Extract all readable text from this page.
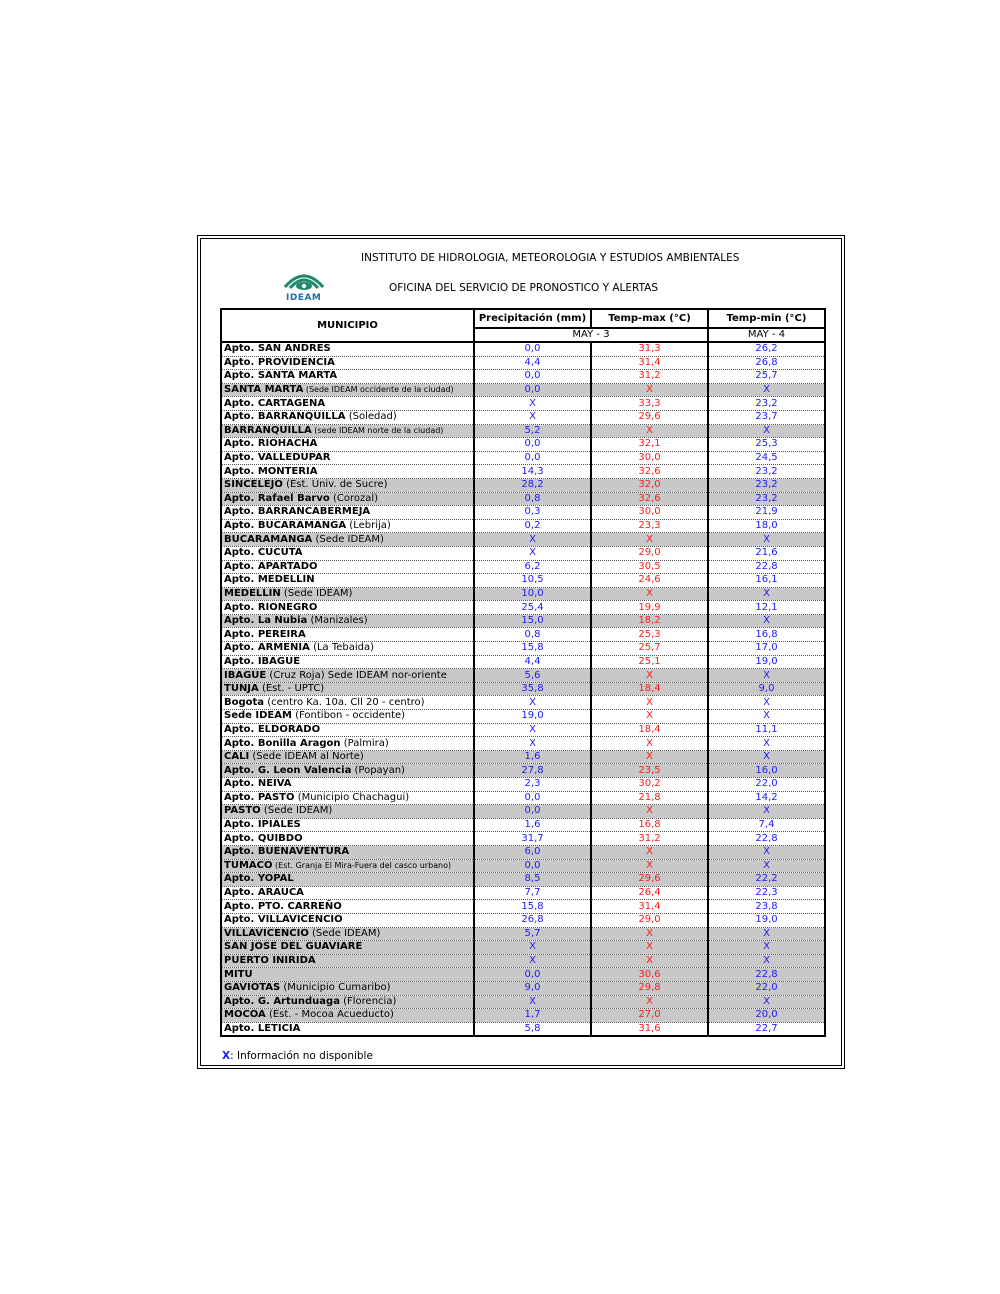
INSTITUTO DE HIDROLOGIA, METEOROLOGIA Y ESTUDIOS AMBIENTALES
OFICINA DEL SERVICIO DE PRONOSTICO Y ALERTAS
IDEAM
MUNICIPIO	Precipitación (mm)	Temp-max (°C)	Temp-min (°C)
	MAY - 3		MAY - 4
Apto. SAN ANDRES	0,0	31,3	26,2
Apto. PROVIDENCIA	4,4	31,4	26,8
Apto. SANTA MARTA	0,0	31,2	25,7
SANTA MARTA (Sede IDEAM occidente de la ciudad)	0,0	X	X
Apto. CARTAGENA	X	33,3	23,2
Apto. BARRANQUILLA (Soledad)	X	29,6	23,7
BARRANQUILLA (sede IDEAM norte de la ciudad)	5,2	X	X
Apto. RIOHACHA	0,0	32,1	25,3
Apto. VALLEDUPAR	0,0	30,0	24,5
Apto. MONTERIA	14,3	32,6	23,2
SINCELEJO (Est. Univ. de Sucre)	28,2	32,0	23,2
Apto. Rafael Barvo (Corozal)	0,8	32,6	23,2
Apto. BARRANCABERMEJA	0,3	30,0	21,9
Apto. BUCARAMANGA (Lebrija)	0,2	23,3	18,0
BUCARAMANGA (Sede IDEAM)	X	X	X
Apto. CUCUTA	X	29,0	21,6
Apto. APARTADO	6,2	30,5	22,8
Apto. MEDELLIN	10,5	24,6	16,1
MEDELLIN (Sede IDEAM)	10,0	X	X
Apto. RIONEGRO	25,4	19,9	12,1
Apto. La Nubia (Manizales)	15,0	18,2	X
Apto. PEREIRA	0,8	25,3	16,8
Apto. ARMENIA (La Tebaida)	15,8	25,7	17,0
Apto. IBAGUE	4,4	25,1	19,0
IBAGUE (Cruz Roja) Sede IDEAM nor-oriente	5,6	X	X
TUNJA (Est. - UPTC)	35,8	18,4	9,0
Bogota (centro Ka. 10a. Cll 20 - centro)	X	X	X
Sede IDEAM (Fontibon - occidente)	19,0	X	X
Apto. ELDORADO	X	18,4	11,1
Apto. Bonilla Aragon (Palmira)	X	X	X
CALI (Sede IDEAM al Norte)	1,6	X	X
Apto. G. Leon Valencia (Popayan)	27,8	23,5	16,0
Apto. NEIVA	2,3	30,2	22,0
Apto. PASTO (Municipio Chachagui)	0,0	21,8	14,2
PASTO (Sede IDEAM)	0,0	X	X
Apto. IPIALES	1,6	16,8	7,4
Apto. QUIBDO	31,7	31,2	22,8
Apto. BUENAVENTURA	6,0	X	X
TUMACO (Est. Granja El Mira-Fuera del casco urbano)	0,0	X	X
Apto. YOPAL	8,5	29,6	22,2
Apto. ARAUCA	7,7	26,4	22,3
Apto. PTO. CARREÑO	15,8	31,4	23,8
Apto. VILLAVICENCIO	26,8	29,0	19,0
VILLAVICENCIO (Sede IDEAM)	5,7	X	X
SAN JOSE DEL GUAVIARE	X	X	X
PUERTO INIRIDA	X	X	X
MITU	0,0	30,6	22,8
GAVIOTAS (Municipio Cumaribo)	9,0	29,8	22,0
Apto. G. Artunduaga (Florencia)	X	X	X
MOCOA (Est. - Mocoa Acueducto)	1,7	27,0	20,0
Apto. LETICIA	5,8	31,6	22,7
X: Información no disponible
